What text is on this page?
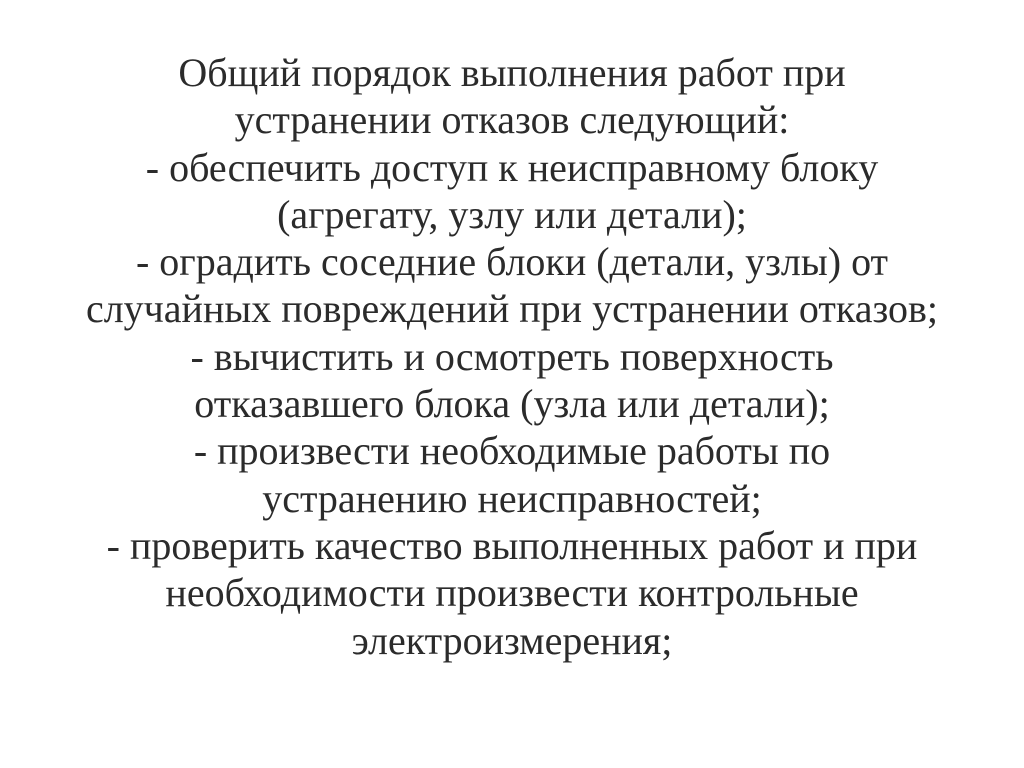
Общий порядок выполнения работ при
устранении отказов следующий:
- обеспечить доступ к неисправному блоку
(агрегату, узлу или детали);
- оградить соседние блоки (детали, узлы) от
случайных повреждений при устранении отказов;
- вычистить и осмотреть поверхность
отказавшего блока (узла или детали);
- произвести необходимые работы по
устранению неисправностей;
- проверить качество выполненных работ и при
необходимости произвести контрольные
электроизмерения;
